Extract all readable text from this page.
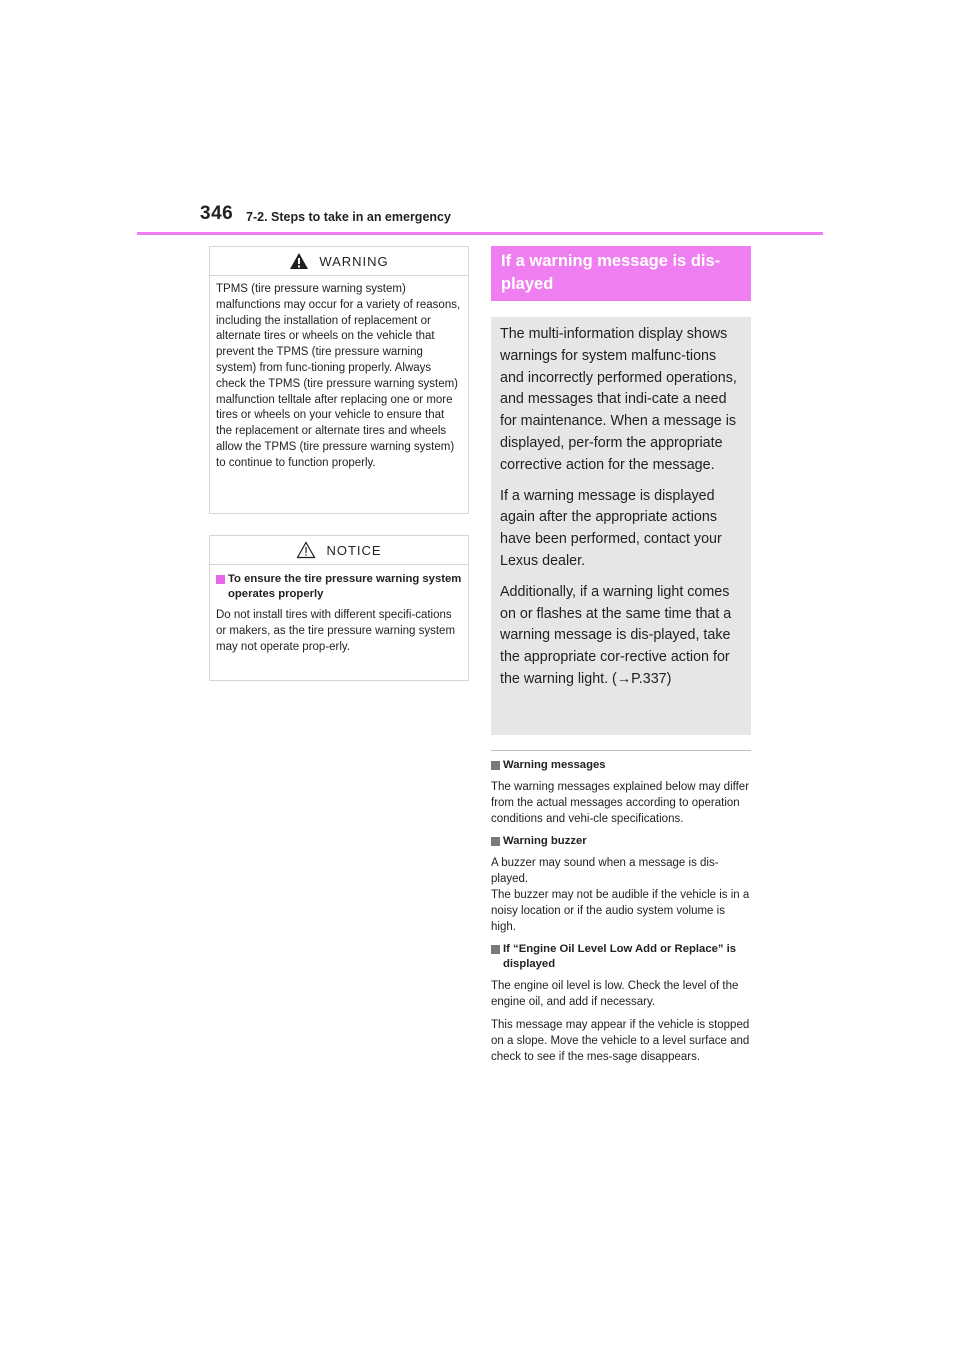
346 7-2. Steps to take in an emergency
WARNING

TPMS (tire pressure warning system) malfunctions may occur for a variety of reasons, including the installation of replacement or alternate tires or wheels on the vehicle that prevent the TPMS (tire pressure warning system) from func-tioning properly. Always check the TPMS (tire pressure warning system) malfunction telltale after replacing one or more tires or wheels on your vehicle to ensure that the replacement or alternate tires and wheels allow the TPMS (tire pressure warning system) to continue to function properly.

NOTICE
To ensure the tire pressure warning system operates properly

Do not install tires with different specifi-cations or makers, as the tire pressure warning system may not operate prop-erly.

If a warning message is dis-played

The multi-information display shows warnings for system malfunc-tions and incorrectly performed operations, and messages that indi-cate a need for maintenance. When a message is displayed, per-form the appropriate corrective action for the message.

If a warning message is displayed again after the appropriate actions have been performed, contact your Lexus dealer.

Additionally, if a warning light comes on or flashes at the same time that a warning message is dis-played, take the appropriate cor-rective action for the warning light. (→P.337)

Warning messages

The warning messages explained below may differ from the actual messages according to operation conditions and vehi-cle specifications.

Warning buzzer

A buzzer may sound when a message is dis-played.

The buzzer may not be audible if the vehicle is in a noisy location or if the audio system volume is high.

If “Engine Oil Level Low Add or Replace” is displayed

The engine oil level is low. Check the level of the engine oil, and add if necessary.

This message may appear if the vehicle is stopped on a slope. Move the vehicle to a level surface and check to see if the mes-sage disappears.
